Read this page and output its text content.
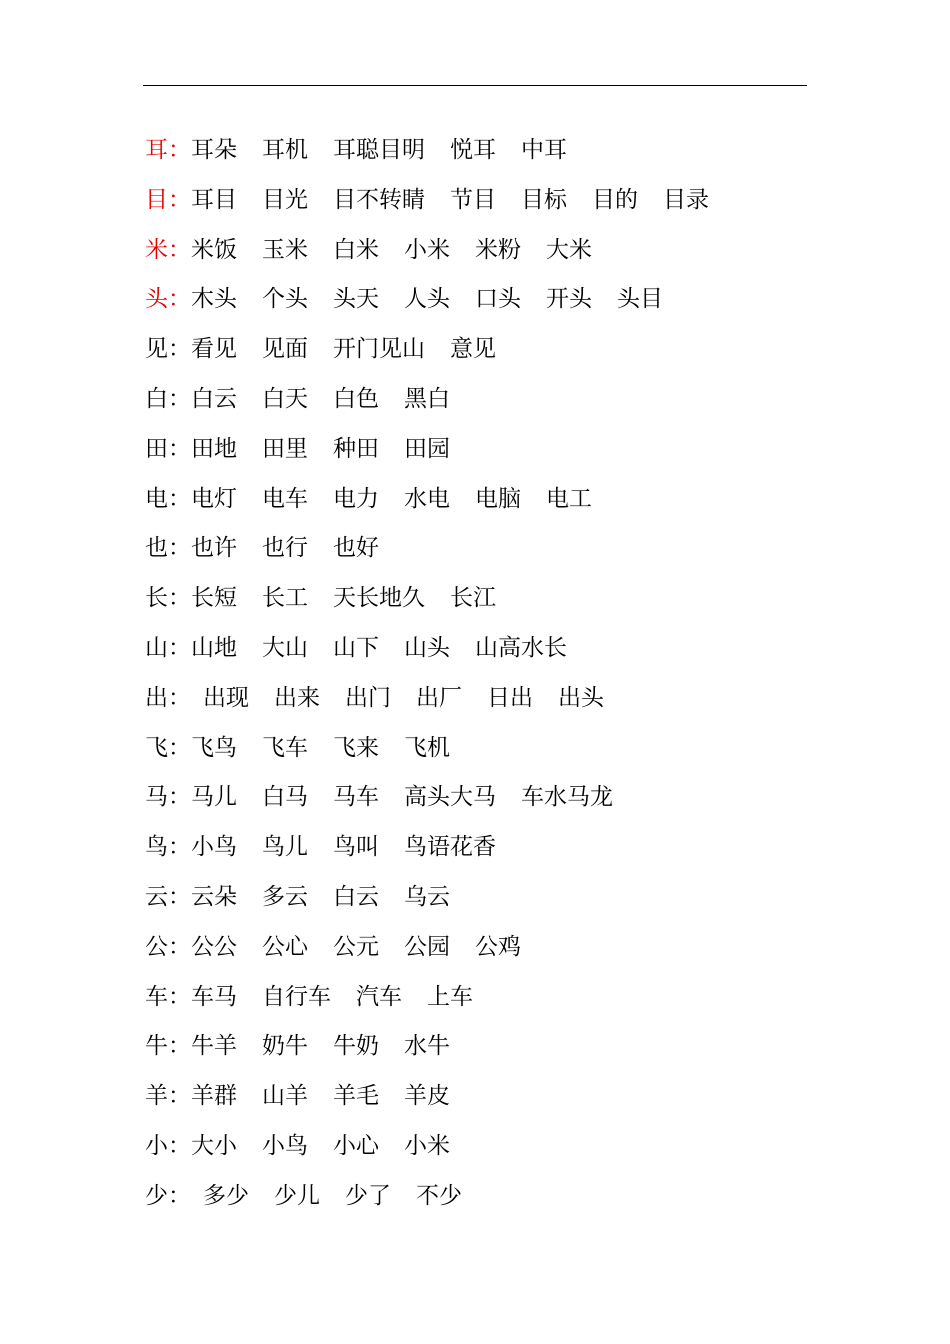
耳 ： 耳朵 耳机 耳聪目明 悦耳 中耳
目 ： 耳目 目光 目不转睛 节目 目标 目的 目录
米 ： 米饭 玉米 白米 小米 米粉 大米
头 ： 木头 个头 头天 人头 口头 开头 头目
见 ： 看见 见面 开门见山 意见
白 ： 白云 白天 白色 黑白
田 ： 田地 田里 种田 田园
电 ： 电灯 电车 电力 水电 电脑 电工
也 ： 也许 也行 也好
长 ： 长短 长工 天长地久 长江
山 ： 山地 大山 山下 山头 山高水长
出 ： 出现 出来 出门 出厂 日出 出头
飞 ： 飞鸟 飞车 飞来 飞机
马 ： 马儿 白马 马车 高头大马 车水马龙
鸟 ： 小鸟 鸟儿 鸟叫 鸟语花香
云 ： 云朵 多云 白云 乌云
公 ： 公公 公心 公元 公园 公鸡
车 ： 车马 自行车 汽车 上车
牛 ： 牛羊 奶牛 牛奶 水牛
羊 ： 羊群 山羊 羊毛 羊皮
小 ： 大小 小鸟 小心 小米
少 ： 多少 少儿 少了 不少
